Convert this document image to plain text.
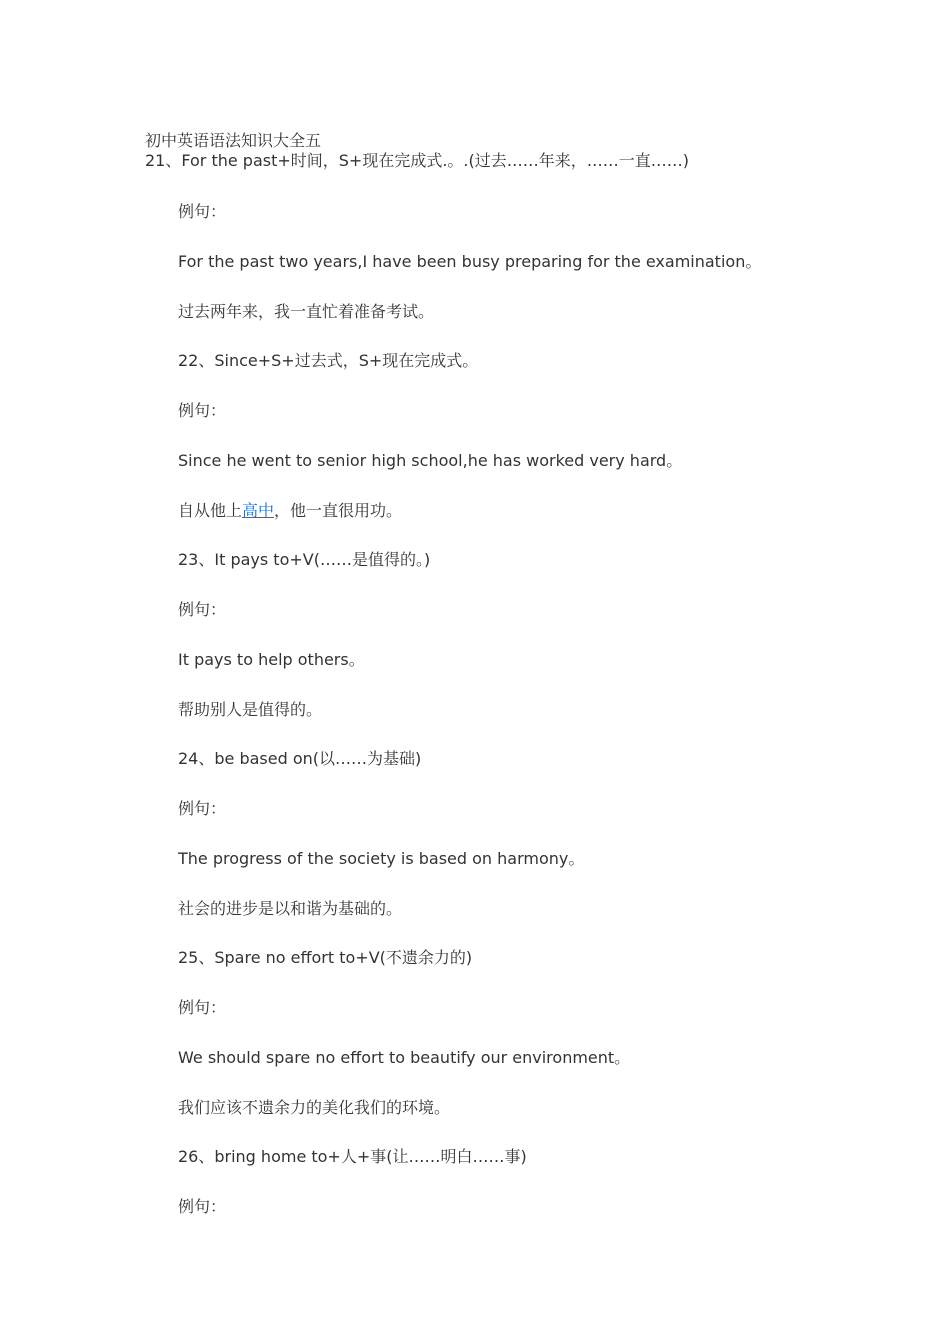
初中英语语法知识大全五
21、For the past+时间，S+现在完成式.。.(过去……年来，……一直……)
例句：
For the past two years,I have been busy preparing for the examination。
过去两年来，我一直忙着准备考试。
22、Since+S+过去式，S+现在完成式。
例句：
Since he went to senior high school,he has worked very hard。
自从他上高中，他一直很用功。
23、It pays to+V(……是值得的。)
例句：
It pays to help others。
帮助别人是值得的。
24、be based on(以……为基础)
例句：
The progress of the society is based on harmony。
社会的进步是以和谐为基础的。
25、Spare no effort to+V(不遗余力的)
例句：
We should spare no effort to beautify our environment。
我们应该不遗余力的美化我们的环境。
26、bring home to+人+事(让……明白……事)
例句：
